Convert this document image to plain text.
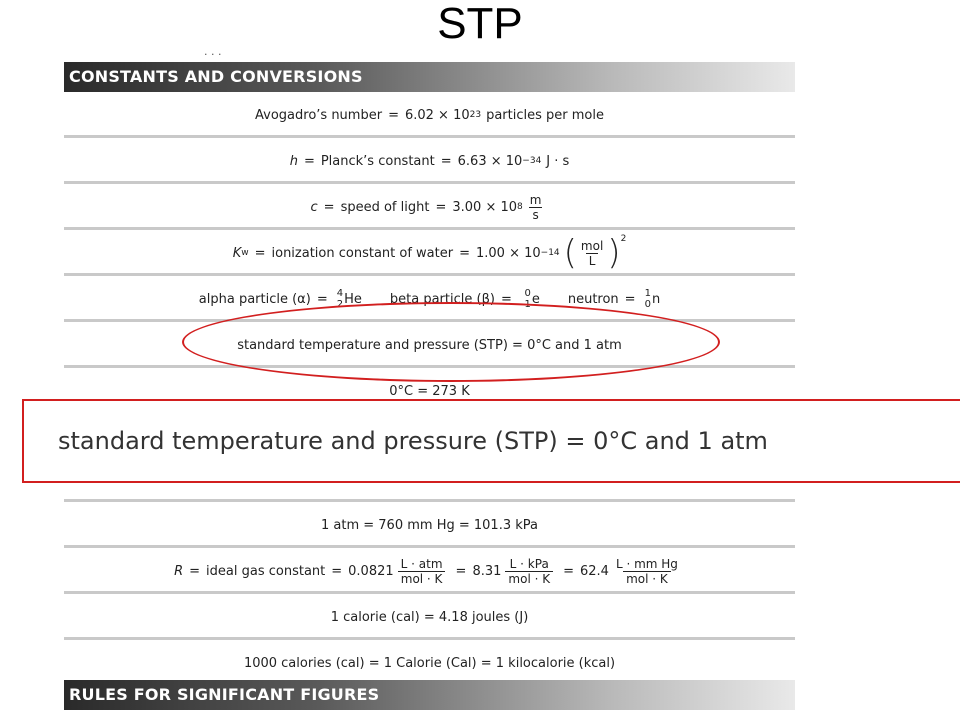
STP
· · ·
CONSTANTS AND CONVERSIONS
Avogadro’s number = 6.02 × 10 23 particles per mole
h = Planck’s constant = 6.63 × 10 −34 J · s
c = speed of light = 3.00 × 10 $8 \frac{m}{s}$
K w = ionization constant of water = 1.00 × 10 −14 ( $\frac{\text{mol}}{L} )^2$
alpha particle (α) = 4
2 He beta particle (β) =	0
-1 e neutron = 1
0 n
standard temperature and pressure (STP) = 0°C and 1 atm
0°C = 273 K
1 atm = 760 mm Hg = 101.3 kPa
R = ideal gas constant = $0.0821 \frac{\text{L · atm}}{\text{mol · K}} = 8.31 \frac{\text{L · kPa}}{\text{mol · K}} = 62.4 \frac{\text{L · mm Hg}}{\text{mol · K}}$
1 calorie (cal) = 4.18 joules (J)
1000 calories (cal) = 1 Calorie (Cal) = 1 kilocalorie (kcal)
RULES FOR SIGNIFICANT FIGURES
standard temperature and pressure (STP) = 0°C and 1 atm
